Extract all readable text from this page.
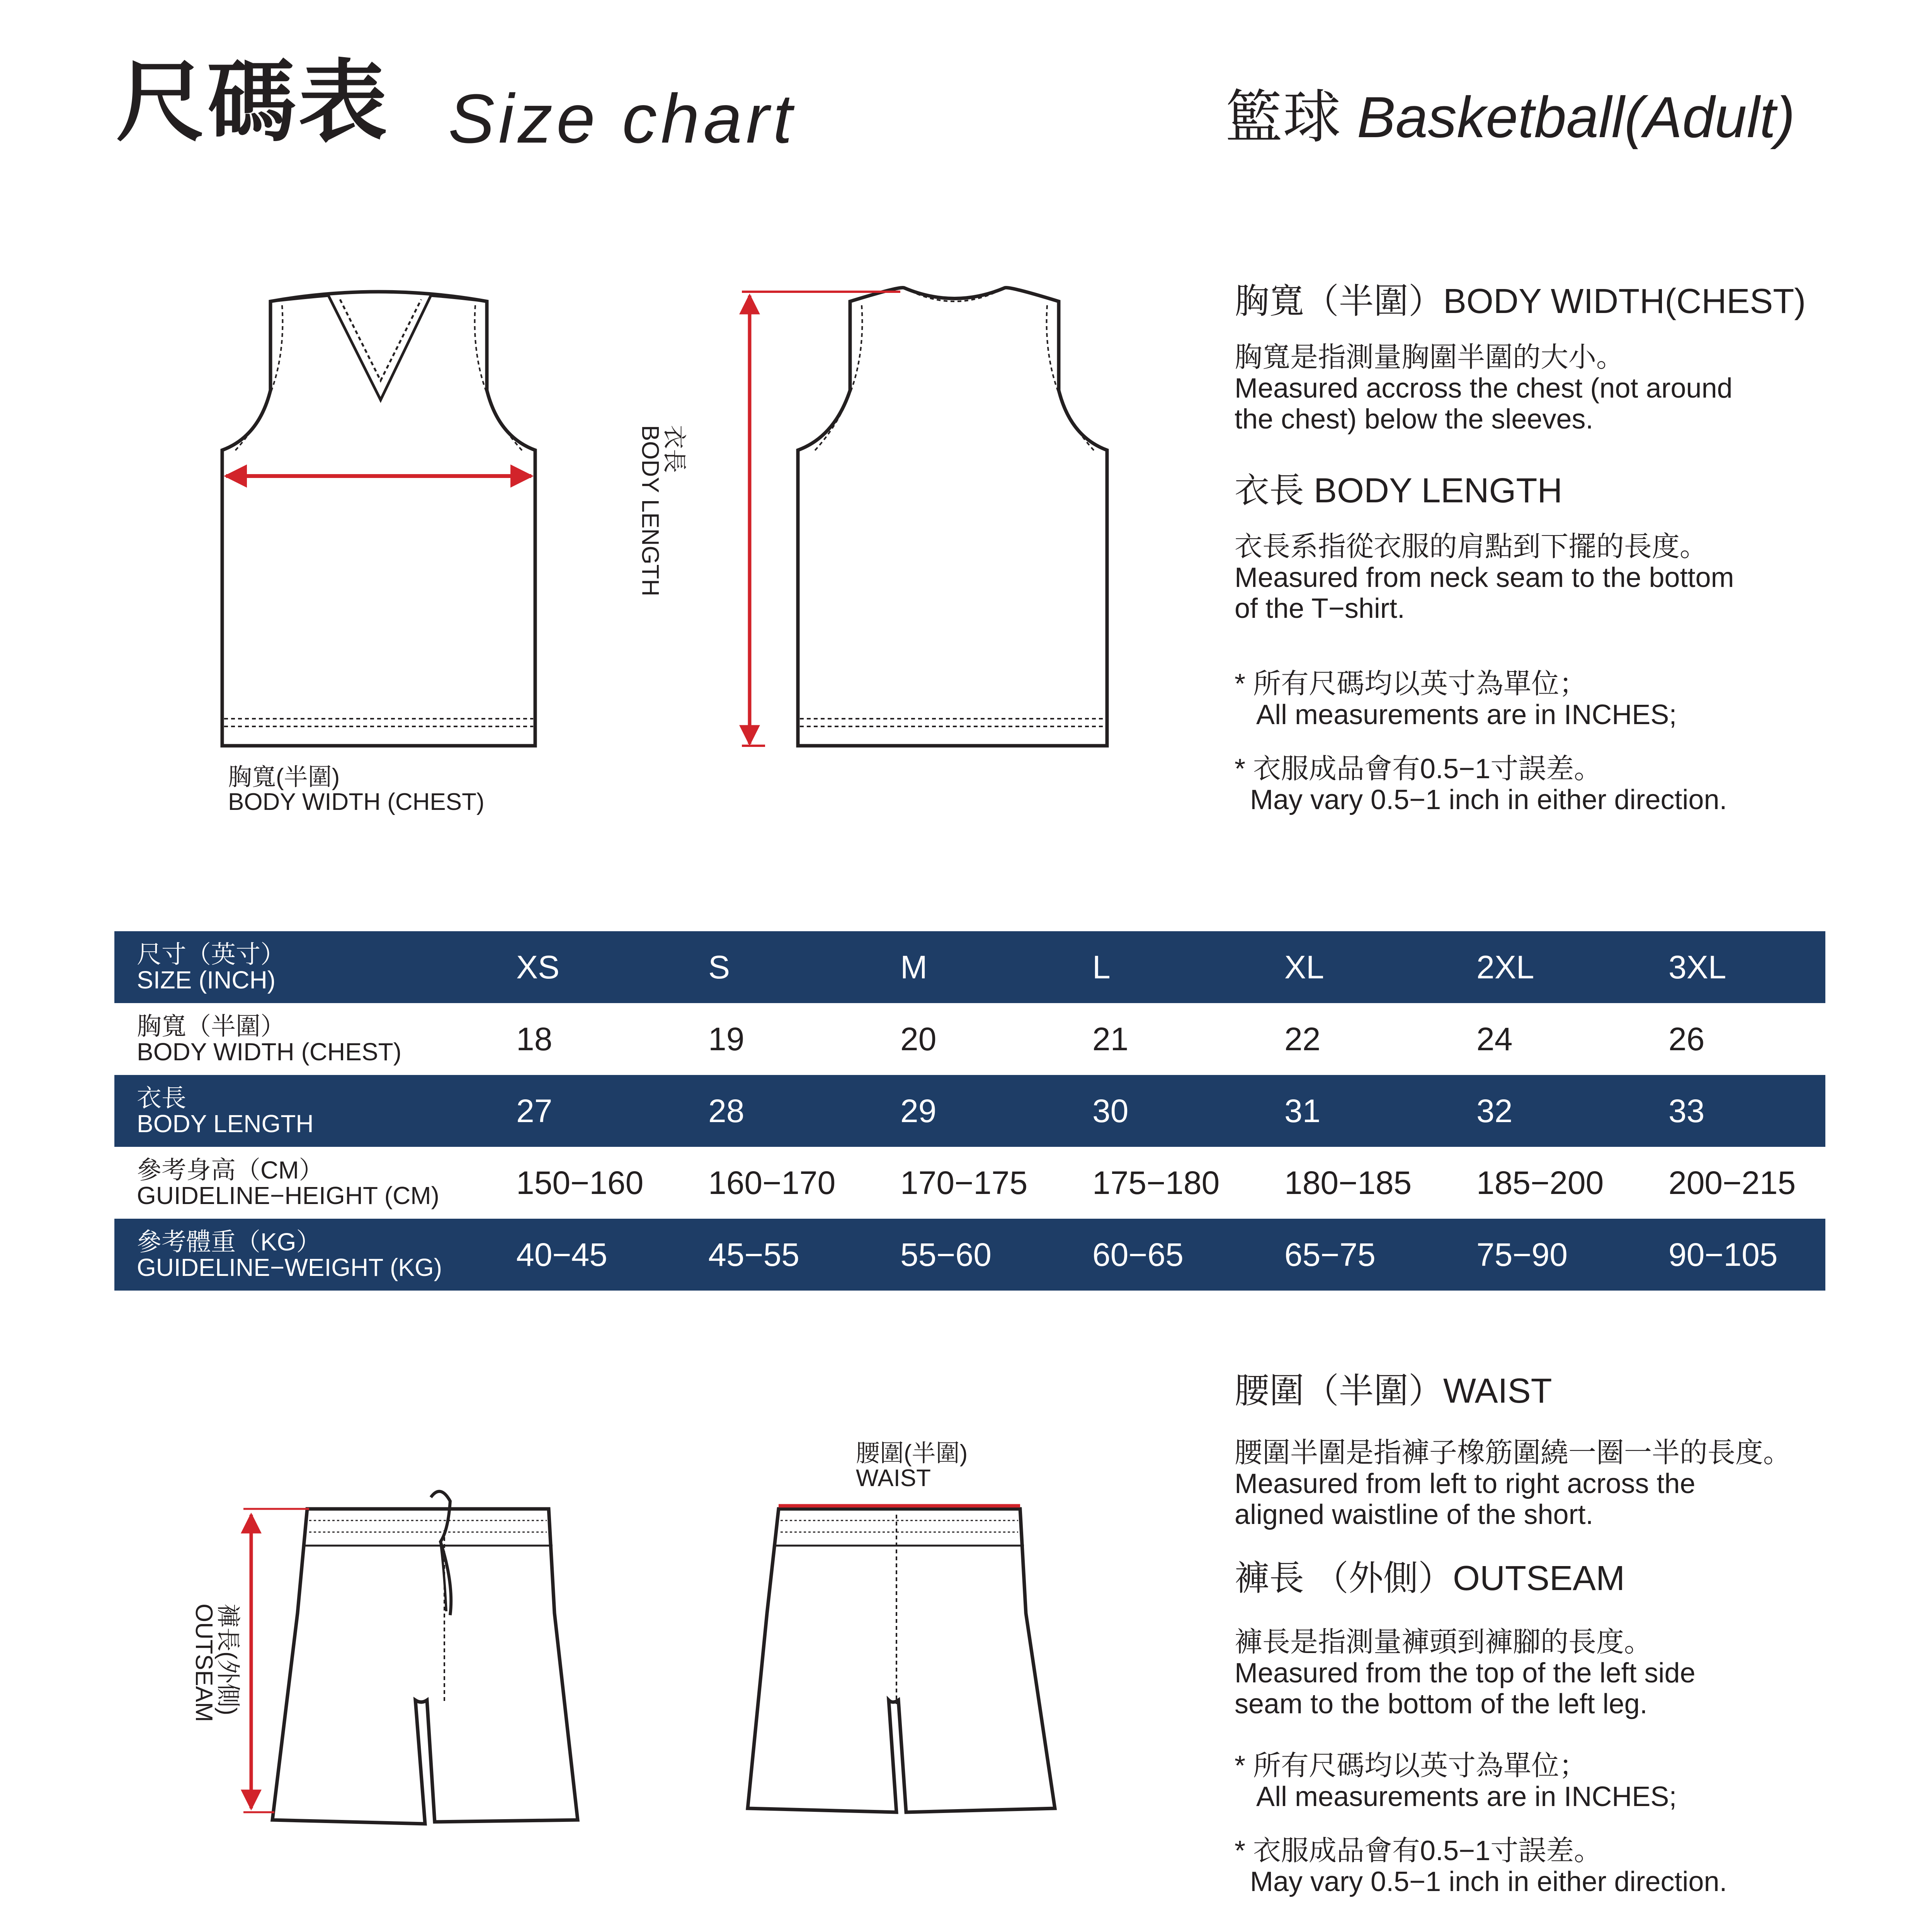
尺碼表 Size chart	籃球 Basketball(Adult)
胸寬(半圍)
BODY WIDTH (CHEST)
衣長
BODY LENGTH
腰圍(半圍)
WAIST
褲長(外側)
OUTSEAM
胸寬（半圍）BODY WIDTH(CHEST)
胸寬是指測量胸圍半圍的大小。
Measured accross the chest (not around
the chest) below the sleeves.
衣長 BODY LENGTH
衣長系指從衣服的肩點到下擺的長度。
Measured from neck seam to the bottom
of the T−shirt.
* 所有尺碼均以英寸為單位；
All measurements are in INCHES;
* 衣服成品會有0.5−1寸誤差。
May vary 0.5−1 inch in either direction.
尺寸（英寸）
SIZE (INCH)	XS	S	M	L	XL	2XL	3XL

胸寬（半圍）
BODY WIDTH (CHEST)	18	19	20	21	22	24	26

衣長
BODY LENGTH	27	28	29	30	31	32	33

參考身高（CM）
GUIDELINE−HEIGHT (CM)	150−160	160−170	170−175	175−180	180−185	185−200	200−215

參考體重（KG）
GUIDELINE−WEIGHT (KG)	40−45	45−55	55−60	60−65	65−75	75−90	90−105
腰圍（半圍）WAIST
腰圍半圍是指褲子橡筋圍繞一圈一半的長度。
Measured from left to right across the
aligned waistline of the short.
褲長 （外側）OUTSEAM
褲長是指測量褲頭到褲腳的長度。
Measured from the top of the left side
seam to the bottom of the left leg.
* 所有尺碼均以英寸為單位；
All measurements are in INCHES;
* 衣服成品會有0.5−1寸誤差。
May vary 0.5−1 inch in either direction.
